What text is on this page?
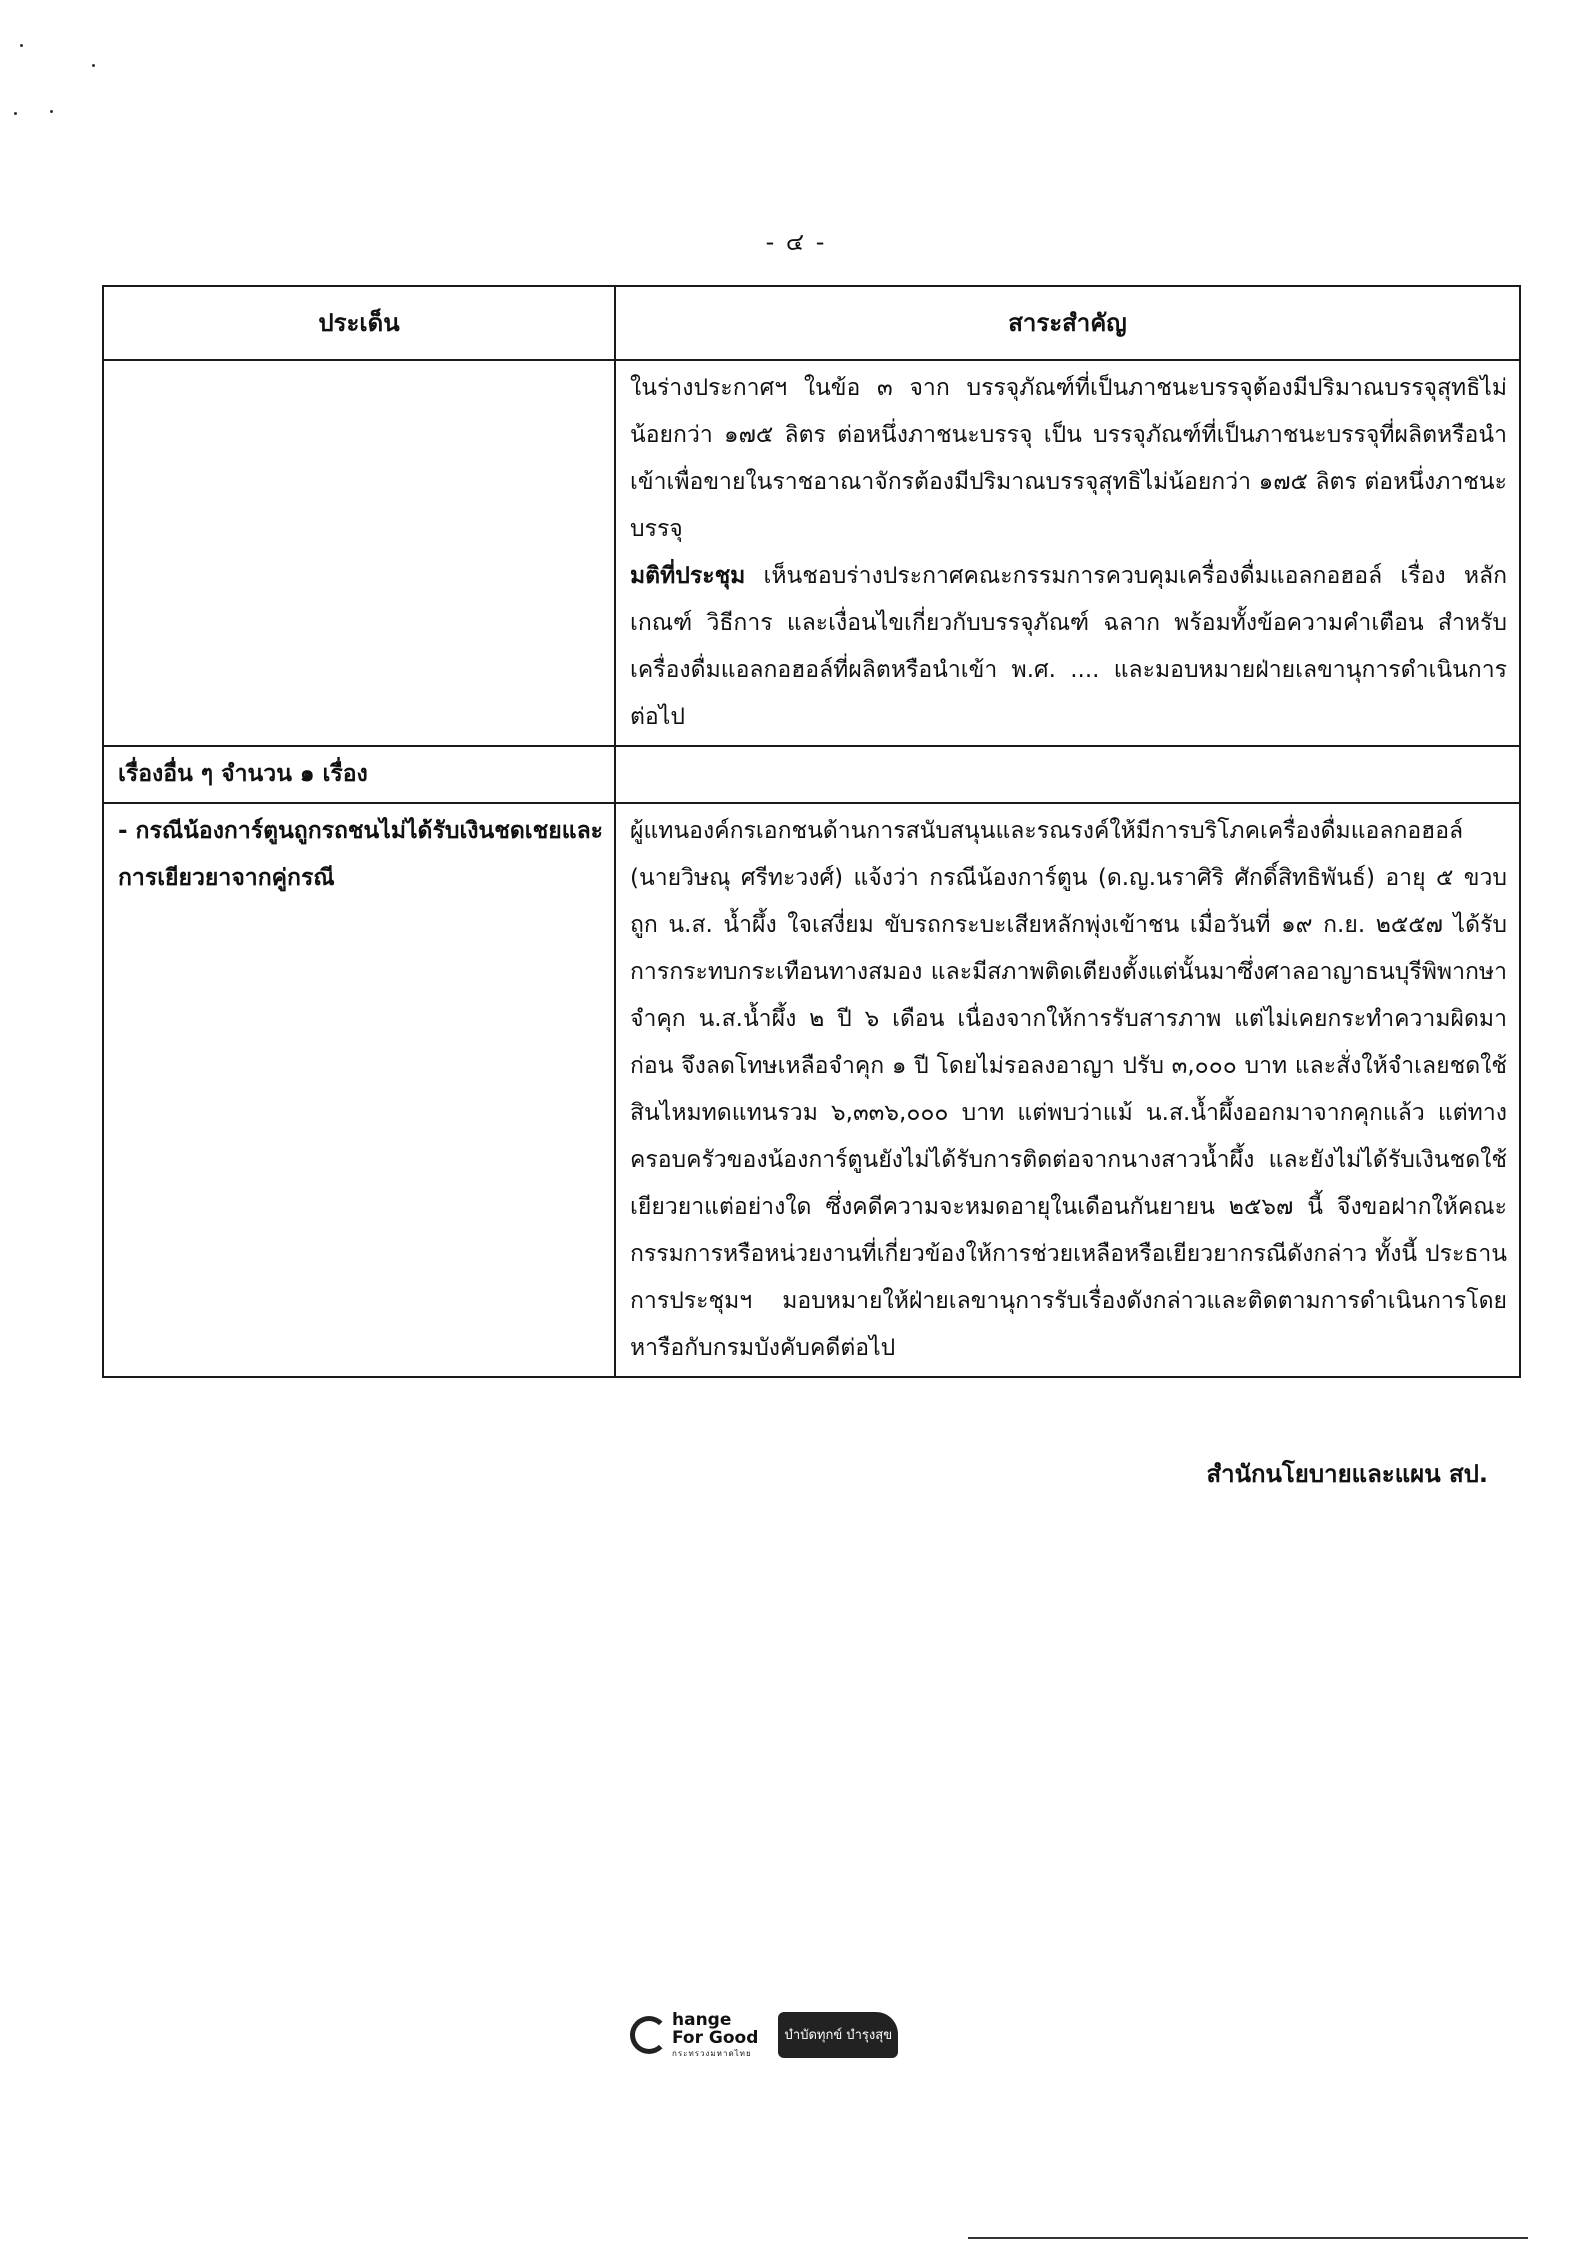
- ๔ -
ประเด็น	สาระสำคัญ

	ในร่างประกาศฯ ในข้อ ๓ จาก บรรจุภัณฑ์ที่เป็นภาชนะบรรจุต้องมีปริมาณบรรจุสุทธิไม่น้อยกว่า ๑๗๕ ลิตร ต่อหนึ่งภาชนะบรรจุ เป็น บรรจุภัณฑ์ที่เป็นภาชนะบรรจุที่ผลิตหรือนำเข้าเพื่อขายในราชอาณาจักรต้องมีปริมาณบรรจุสุทธิไม่น้อยกว่า ๑๗๕ ลิตร ต่อหนึ่งภาชนะบรรจุ
มติที่ประชุม เห็นชอบร่างประกาศคณะกรรมการควบคุมเครื่องดื่มแอลกอฮอล์ เรื่อง หลักเกณฑ์ วิธีการ และเงื่อนไขเกี่ยวกับบรรจุภัณฑ์ ฉลาก พร้อมทั้งข้อความคำเตือน สำหรับเครื่องดื่มแอลกอฮอล์ที่ผลิตหรือนำเข้า พ.ศ. .... และมอบหมายฝ่ายเลขานุการดำเนินการต่อไป

เรื่องอื่น ๆ จำนวน ๑ เรื่อง	
- กรณีน้องการ์ตูนถูกรถชนไม่ได้รับเงินชดเชยและการเยียวยาจากคู่กรณี	ผู้แทนองค์กรเอกชนด้านการสนับสนุนและรณรงค์ให้มีการบริโภคเครื่องดื่มแอลกอฮอล์ (นายวิษณุ ศรีทะวงศ์) แจ้งว่า กรณีน้องการ์ตูน (ด.ญ.นราศิริ ศักดิ์สิทธิพันธ์) อายุ ๕ ขวบ ถูก น.ส. น้ำผึ้ง ใจเสงี่ยม ขับรถกระบะเสียหลักพุ่งเข้าชน เมื่อวันที่ ๑๙ ก.ย. ๒๕๕๗ ได้รับการกระทบกระเทือนทางสมอง และมีสภาพติดเตียงตั้งแต่นั้นมาซึ่งศาลอาญาธนบุรีพิพากษาจำคุก น.ส.น้ำผึ้ง ๒ ปี ๖ เดือน เนื่องจากให้การรับสารภาพ แต่ไม่เคยกระทำความผิดมาก่อน จึงลดโทษเหลือจำคุก ๑ ปี โดยไม่รอลงอาญา ปรับ ๓,๐๐๐ บาท และสั่งให้จำเลยชดใช้สินไหมทดแทนรวม ๖,๓๓๖,๐๐๐ บาท แต่พบว่าแม้ น.ส.น้ำผึ้งออกมาจากคุกแล้ว แต่ทางครอบครัวของน้องการ์ตูนยังไม่ได้รับการติดต่อจากนางสาวน้ำผึ้ง และยังไม่ได้รับเงินชดใช้เยียวยาแต่อย่างใด ซึ่งคดีความจะหมดอายุในเดือนกันยายน ๒๕๖๗ นี้ จึงขอฝากให้คณะกรรมการหรือหน่วยงานที่เกี่ยวข้องให้การช่วยเหลือหรือเยียวยากรณีดังกล่าว ทั้งนี้ ประธานการประชุมฯ มอบหมายให้ฝ่ายเลขานุการรับเรื่องดังกล่าวและติดตามการดำเนินการโดยหารือกับกรมบังคับคดีต่อไป
สำนักนโยบายและแผน สป.
hange
For Good
กระทรวงมหาดไทย
บำบัดทุกข์ บำรุงสุข
